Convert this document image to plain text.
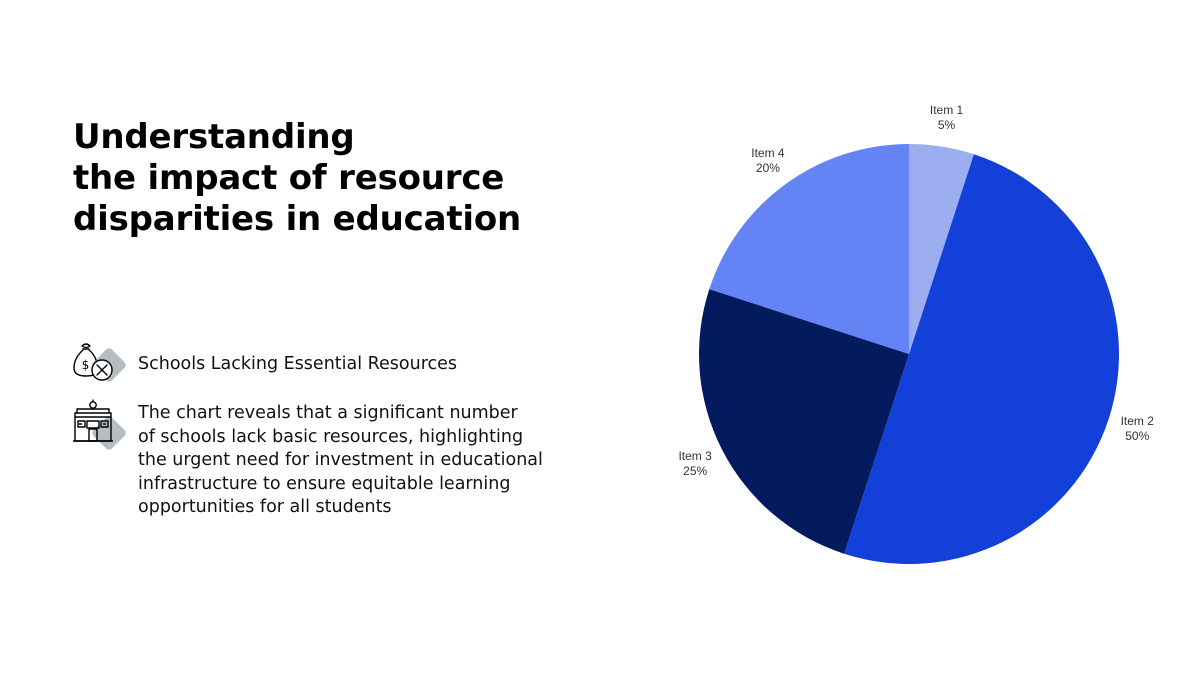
Understanding
the impact of resource
disparities in education
$	Schools Lacking Essential Resources
The chart reveals that a significant number
of schools lack basic resources, highlighting
the urgent need for investment in educational
infrastructure to ensure equitable learning
opportunities for all students
Item 1
5%
Item 2
50%
Item 3
25%
Item 4
20%
